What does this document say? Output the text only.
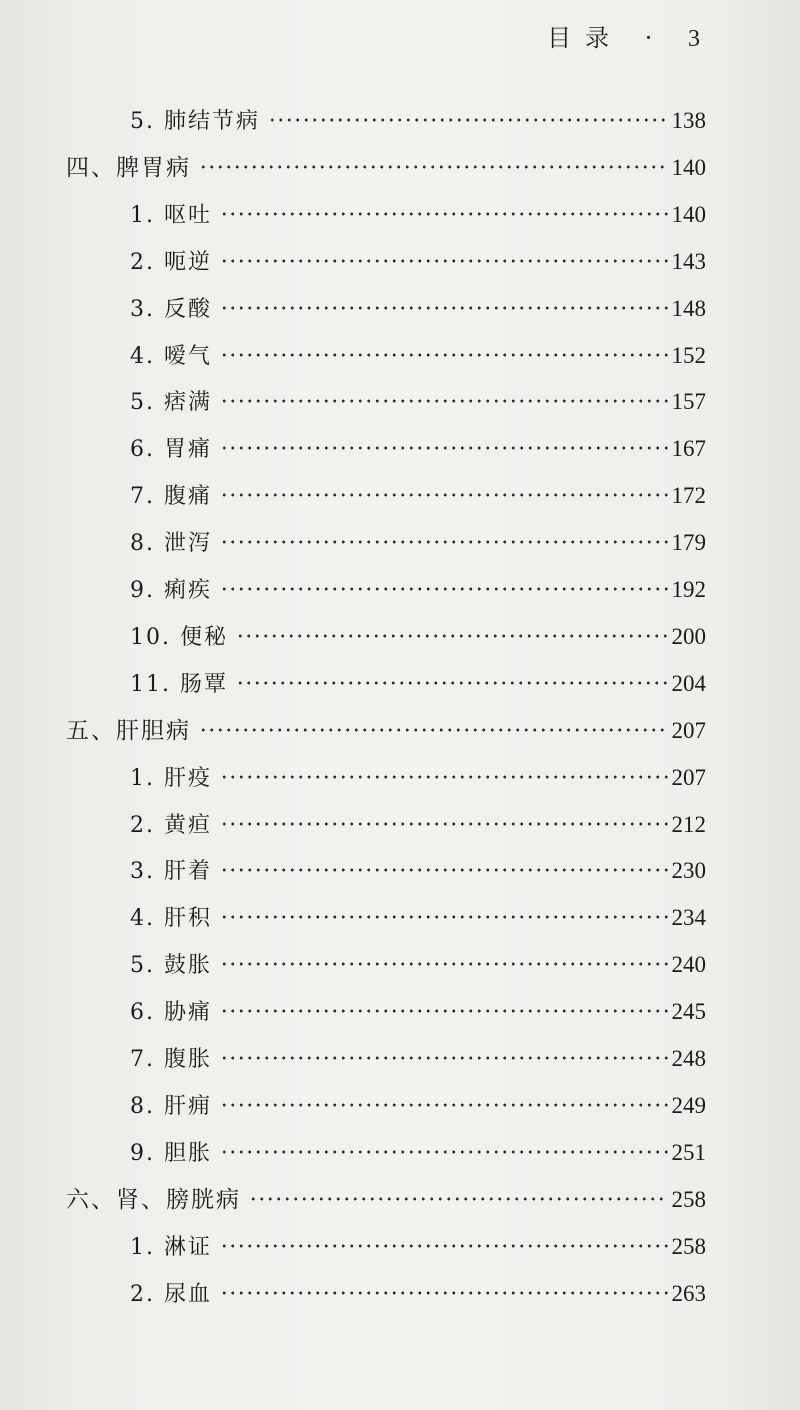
目录 · 3
5. 肺结节病	138
四、脾胃病	140
1. 呕吐	140
2. 呃逆	143
3. 反酸	148
4. 嗳气	152
5. 痞满	157
6. 胃痛	167
7. 腹痛	172
8. 泄泻	179
9. 痢疾	192
10. 便秘	200
11. 肠覃	204
五、肝胆病	207
1. 肝疫	207
2. 黄疸	212
3. 肝着	230
4. 肝积	234
5. 鼓胀	240
6. 胁痛	245
7. 腹胀	248
8. 肝痈	249
9. 胆胀	251
六、肾、膀胱病	258
1. 淋证	258
2. 尿血	263
